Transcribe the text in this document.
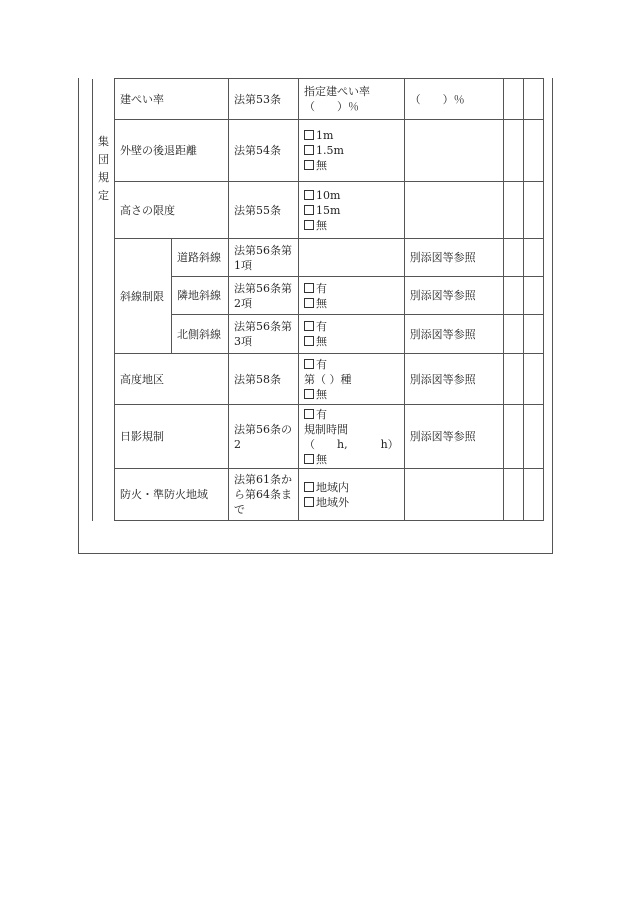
集
団
規
定	建ぺい率		法第53条	指定建ぺい率
（　　）％	（　　）％		
	外壁の後退距離		法第54条	1m
1.5m
無			

	高さの限度		法第55条	10m
15m
無			

	斜線制限	道路斜線	法第56条第1項		別添図等参照		
		隣地斜線	法第56条第2項	有
無	別添図等参照		
		北側斜線	法第56条第3項	有
無	別添図等参照		
	高度地区		法第58条	有
第（ ）種
無	別添図等参照		
	日影規制		法第56条の2	有
規制時間
（　　h,　　　h）
無	別添図等参照		
	防火・準防火地域		法第61条から第64条まで	地域内
地域外			
